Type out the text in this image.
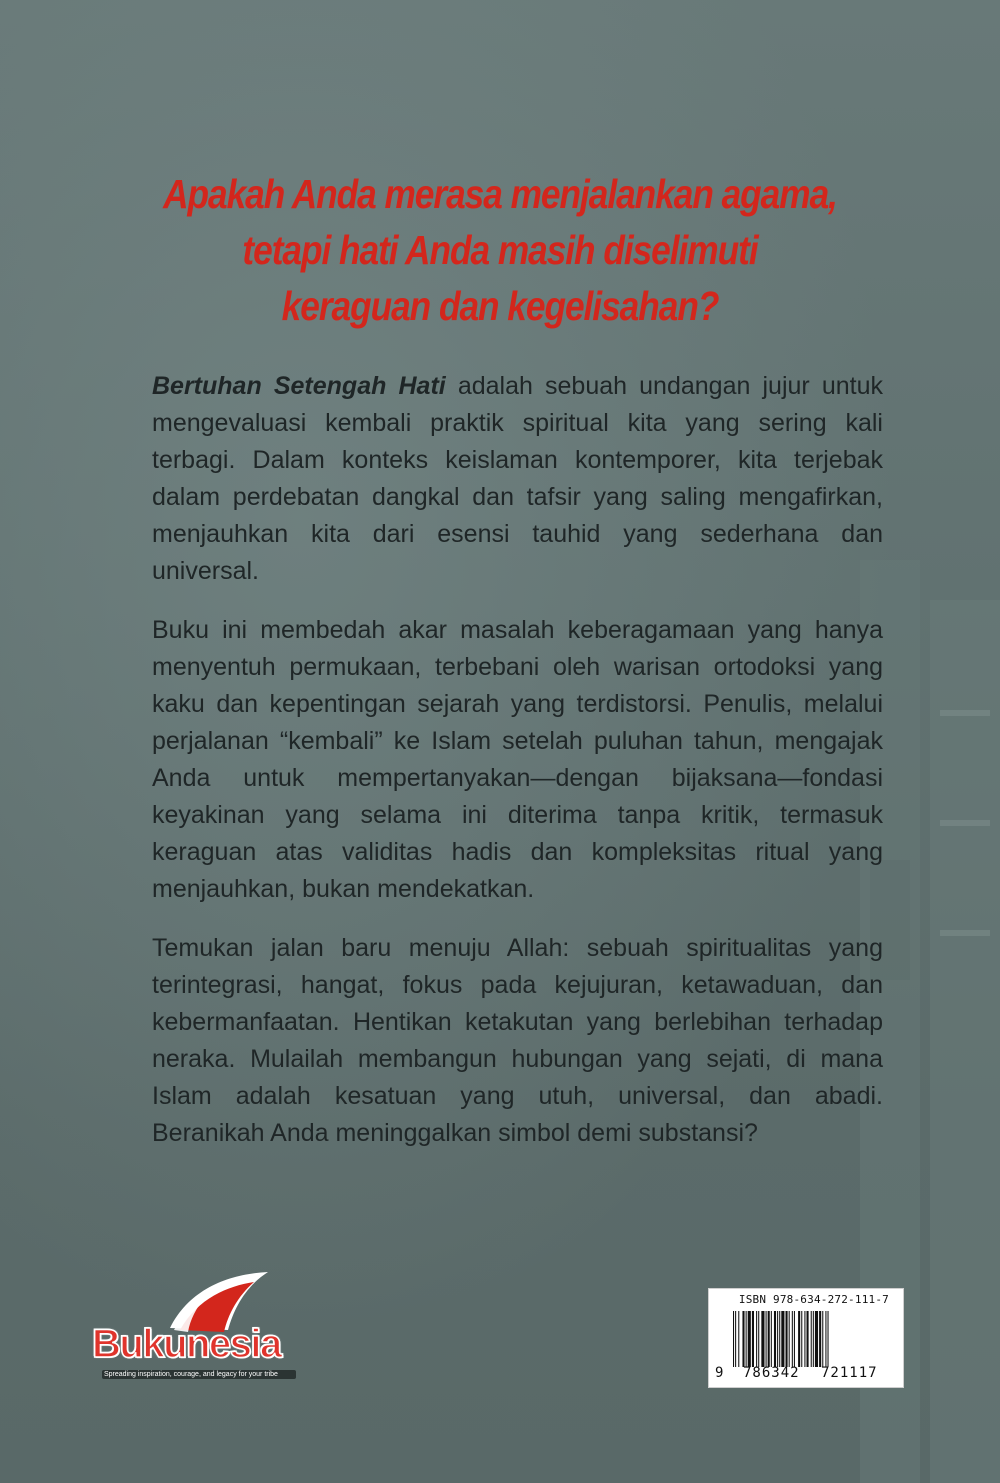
Apakah Anda merasa menjalankan agama,
tetapi hati Anda masih diselimuti
keraguan dan kegelisahan?

Bertuhan Setengah Hati adalah sebuah undangan jujur untuk mengevaluasi kembali praktik spiritual kita yang sering kali terbagi. Dalam konteks keislaman kontemporer, kita terjebak dalam perdebatan dangkal dan tafsir yang saling mengafirkan, menjauhkan kita dari esensi tauhid yang sederhana dan universal.

Buku ini membedah akar masalah keberagamaan yang hanya menyentuh permukaan, terbebani oleh warisan ortodoksi yang kaku dan kepentingan sejarah yang terdistorsi. Penulis, melalui perjalanan “kembali” ke Islam setelah puluhan tahun, mengajak Anda untuk mempertanyakan—dengan bijaksana—fondasi keyakinan yang selama ini diterima tanpa kritik, termasuk keraguan atas validitas hadis dan kompleksitas ritual yang menjauhkan, bukan mendekatkan.

Temukan jalan baru menuju Allah: sebuah spiritualitas yang terintegrasi, hangat, fokus pada kejujuran, ketawaduan, dan kebermanfaatan. Hentikan ketakutan yang berlebihan terhadap neraka. Mulailah membangun hubungan yang sejati, di mana Islam adalah kesatuan yang utuh, universal, dan abadi. Beranikah Anda meninggalkan simbol demi substansi?

Bukunesia
Spreading inspiration, courage, and legacy for your tribe
ISBN 978-634-272-111-7
9 786342 721117
